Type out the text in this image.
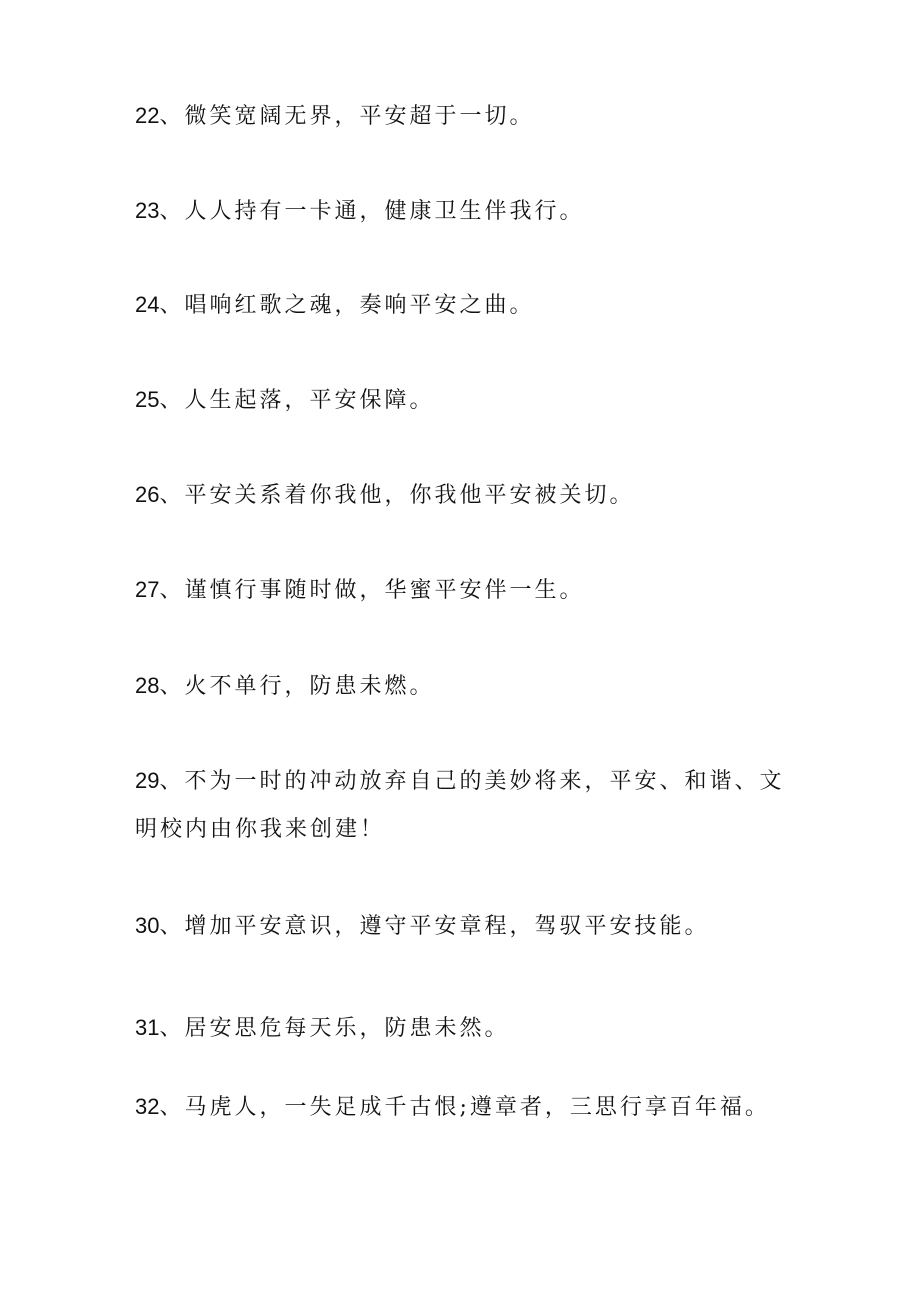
22、微笑宽阔无界，平安超于一切。
23、人人持有一卡通，健康卫生伴我行。
24、唱响红歌之魂，奏响平安之曲。
25、人生起落，平安保障。
26、平安关系着你我他，你我他平安被关切。
27、谨慎行事随时做，华蜜平安伴一生。
28、火不单行，防患未燃。
29、不为一时的冲动放弃自己的美妙将来，平安、和谐、文
明校内由你我来创建！
30、增加平安意识，遵守平安章程，驾驭平安技能。
31、居安思危每天乐，防患未然。
32、马虎人，一失足成千古恨;遵章者，三思行享百年福。
